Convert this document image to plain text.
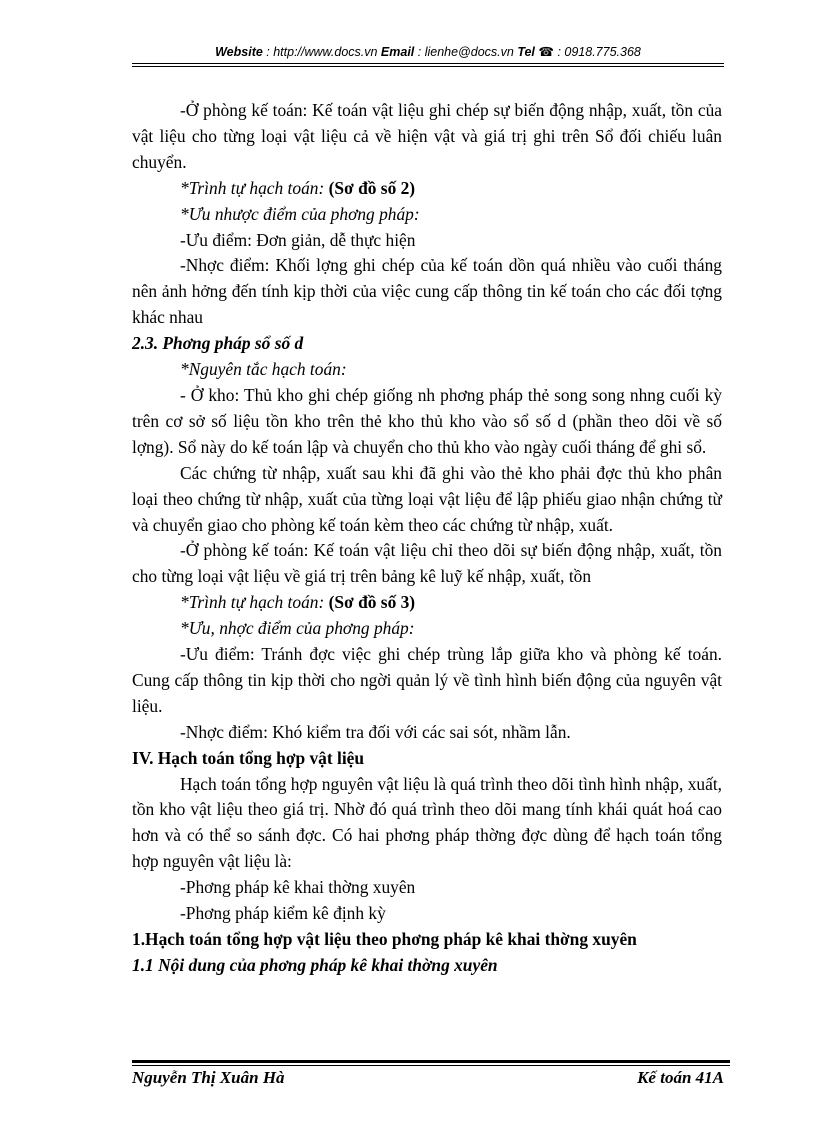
Website : http://www.docs.vn Email : lienhe@docs.vn Tel ☎ : 0918.775.368

-Ở phòng kế toán: Kế toán vật liệu ghi chép sự biến động nhập, xuất, tồn của vật liệu cho từng loại vật liệu cả về hiện vật và giá trị ghi trên Sổ đối chiếu luân chuyển.

*Trình tự hạch toán: (Sơ đồ số 2)

*Ưu nhược điểm của phơng pháp:

-Ưu điểm: Đơn giản, dễ thực hiện

-Nhợc điểm: Khối lợng ghi chép của kế toán dồn quá nhiều vào cuối tháng nên ảnh hởng đến tính kịp thời của việc cung cấp thông tin kế toán cho các đối tợng khác nhau

2.3. Phơng pháp sổ số d

*Nguyên tắc hạch toán:

- Ở kho: Thủ kho ghi chép giống nh phơng pháp thẻ song song nhng cuối kỳ trên cơ sở số liệu tồn kho trên thẻ kho thủ kho vào sổ số d (phần theo dõi về số lợng). Sổ này do kế toán lập và chuyển cho thủ kho vào ngày cuối tháng để ghi sổ.

Các chứng từ nhập, xuất sau khi đã ghi vào thẻ kho phải đợc thủ kho phân loại theo chứng từ nhập, xuất của từng loại vật liệu để lập phiếu giao nhận chứng từ và chuyển giao cho phòng kế toán kèm theo các chứng từ nhập, xuất.

-Ở phòng kế toán: Kế toán vật liệu chỉ theo dõi sự biến động nhập, xuất, tồn cho từng loại vật liệu về giá trị trên bảng kê luỹ kế nhập, xuất, tồn

*Trình tự hạch toán: (Sơ đồ số 3)

*Ưu, nhợc điểm của phơng pháp:

-Ưu điểm: Tránh đợc việc ghi chép trùng lắp giữa kho và phòng kế toán. Cung cấp thông tin kịp thời cho ngời quản lý về tình hình biến động của nguyên vật liệu.

-Nhợc điểm: Khó kiểm tra đối với các sai sót, nhầm lẫn.

IV. Hạch toán tổng hợp vật liệu

Hạch toán tổng hợp nguyên vật liệu là quá trình theo dõi tình hình nhập, xuất, tồn kho vật liệu theo giá trị. Nhờ đó quá trình theo dõi mang tính khái quát hoá cao hơn và có thể so sánh đợc. Có hai phơng pháp thờng đợc dùng để hạch toán tổng hợp nguyên vật liệu là:

-Phơng pháp kê khai thờng xuyên

-Phơng pháp kiểm kê định kỳ

1.Hạch toán tổng hợp vật liệu theo phơng pháp kê khai thờng xuyên

1.1 Nội dung của phơng pháp kê khai thờng xuyên

Nguyễn Thị Xuân Hà	Kế toán 41A
